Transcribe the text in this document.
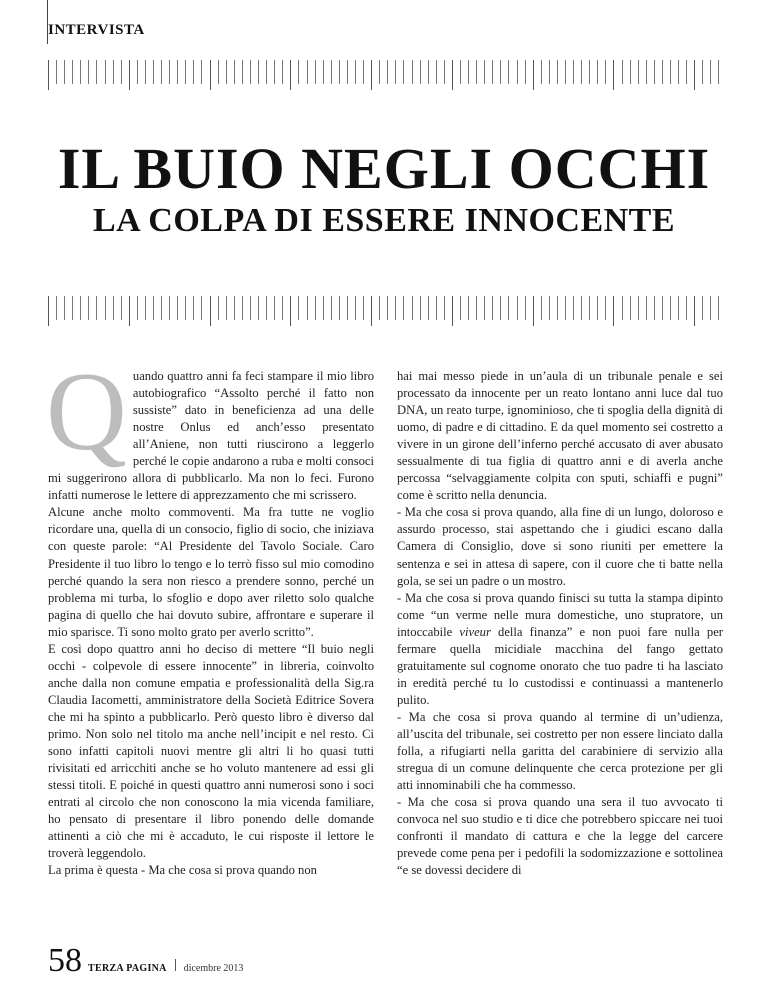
INTERVISTA
IL BUIO NEGLI OCCHI
LA COLPA DI ESSERE INNOCENTE

Quando quattro anni fa feci stampare il mio libro autobiografico “Assolto perché il fatto non sussiste” dato in beneficienza ad una delle nostre Onlus ed anch’esso presentato all’Aniene, non tutti riuscirono a leggerlo perché le copie andarono a ruba e molti consoci mi suggerirono allora di pubblicarlo. Ma non lo feci. Furono infatti numerose le lettere di apprezzamento che mi scrissero.

Alcune anche molto commoventi. Ma fra tutte ne voglio ricordare una, quella di un consocio, figlio di socio, che iniziava con queste parole: “Al Presidente del Tavolo Sociale. Caro Presidente il tuo libro lo tengo e lo terrò fisso sul mio comodino perché quando la sera non riesco a prendere sonno, perché un problema mi turba, lo sfoglio e dopo aver riletto solo qualche pagina di quello che hai dovuto subire, affrontare e superare il mio sparisce. Ti sono molto grato per averlo scritto”.

E così dopo quattro anni ho deciso di mettere “Il buio negli occhi - colpevole di essere innocente” in libreria, coinvolto anche dalla non comune empatia e professionalità della Sig.ra Claudia Iacometti, amministratore della Società Editrice Sovera che mi ha spinto a pubblicarlo. Però questo libro è diverso dal primo. Non solo nel titolo ma anche nell’incipit e nel resto. Ci sono infatti capitoli nuovi mentre gli altri li ho quasi tutti rivisitati ed arricchiti anche se ho voluto mantenere ad essi gli stessi titoli. E poiché in questi quattro anni numerosi sono i soci entrati al circolo che non conoscono la mia vicenda familiare, ho pensato di presentare il libro ponendo delle domande attinenti a ciò che mi è accaduto, le cui risposte il lettore le troverà leggendolo.

La prima è questa - Ma che cosa si prova quando non

hai mai messo piede in un’aula di un tribunale penale e sei processato da innocente per un reato lontano anni luce dal tuo DNA, un reato turpe, ignominioso, che ti spoglia della dignità di uomo, di padre e di cittadino. E da quel momento sei costretto a vivere in un girone dell’inferno perché accusato di aver abusato sessualmente di tua figlia di quattro anni e di averla anche percossa “selvaggiamente colpita con sputi, schiaffi e pugni” come è scritto nella denuncia.

- Ma che cosa si prova quando, alla fine di un lungo, doloroso e assurdo processo, stai aspettando che i giudici escano dalla Camera di Consiglio, dove si sono riuniti per emettere la sentenza e sei in attesa di sapere, con il cuore che ti batte nella gola, se sei un padre o un mostro.

- Ma che cosa si prova quando finisci su tutta la stampa dipinto come “un verme nelle mura domestiche, uno stupratore, un intoccabile viveur della finanza” e non puoi fare nulla per fermare quella micidiale macchina del fango gettato gratuitamente sul cognome onorato che tuo padre ti ha lasciato in eredità perché tu lo custodissi e continuassi a mantenerlo pulito.

- Ma che cosa si prova quando al termine di un’udienza, all’uscita del tribunale, sei costretto per non essere linciato dalla folla, a rifugiarti nella garitta del carabiniere di servizio alla stregua di un comune delinquente che cerca protezione per gli atti innominabili che ha commesso.

- Ma che cosa si prova quando una sera il tuo avvocato ti convoca nel suo studio e ti dice che potrebbero spiccare nei tuoi confronti il mandato di cattura e che la legge del carcere prevede come pena per i pedofili la sodomizzazione e sottolinea “e se dovessi decidere di

58 TERZA PAGINA dicembre 2013
